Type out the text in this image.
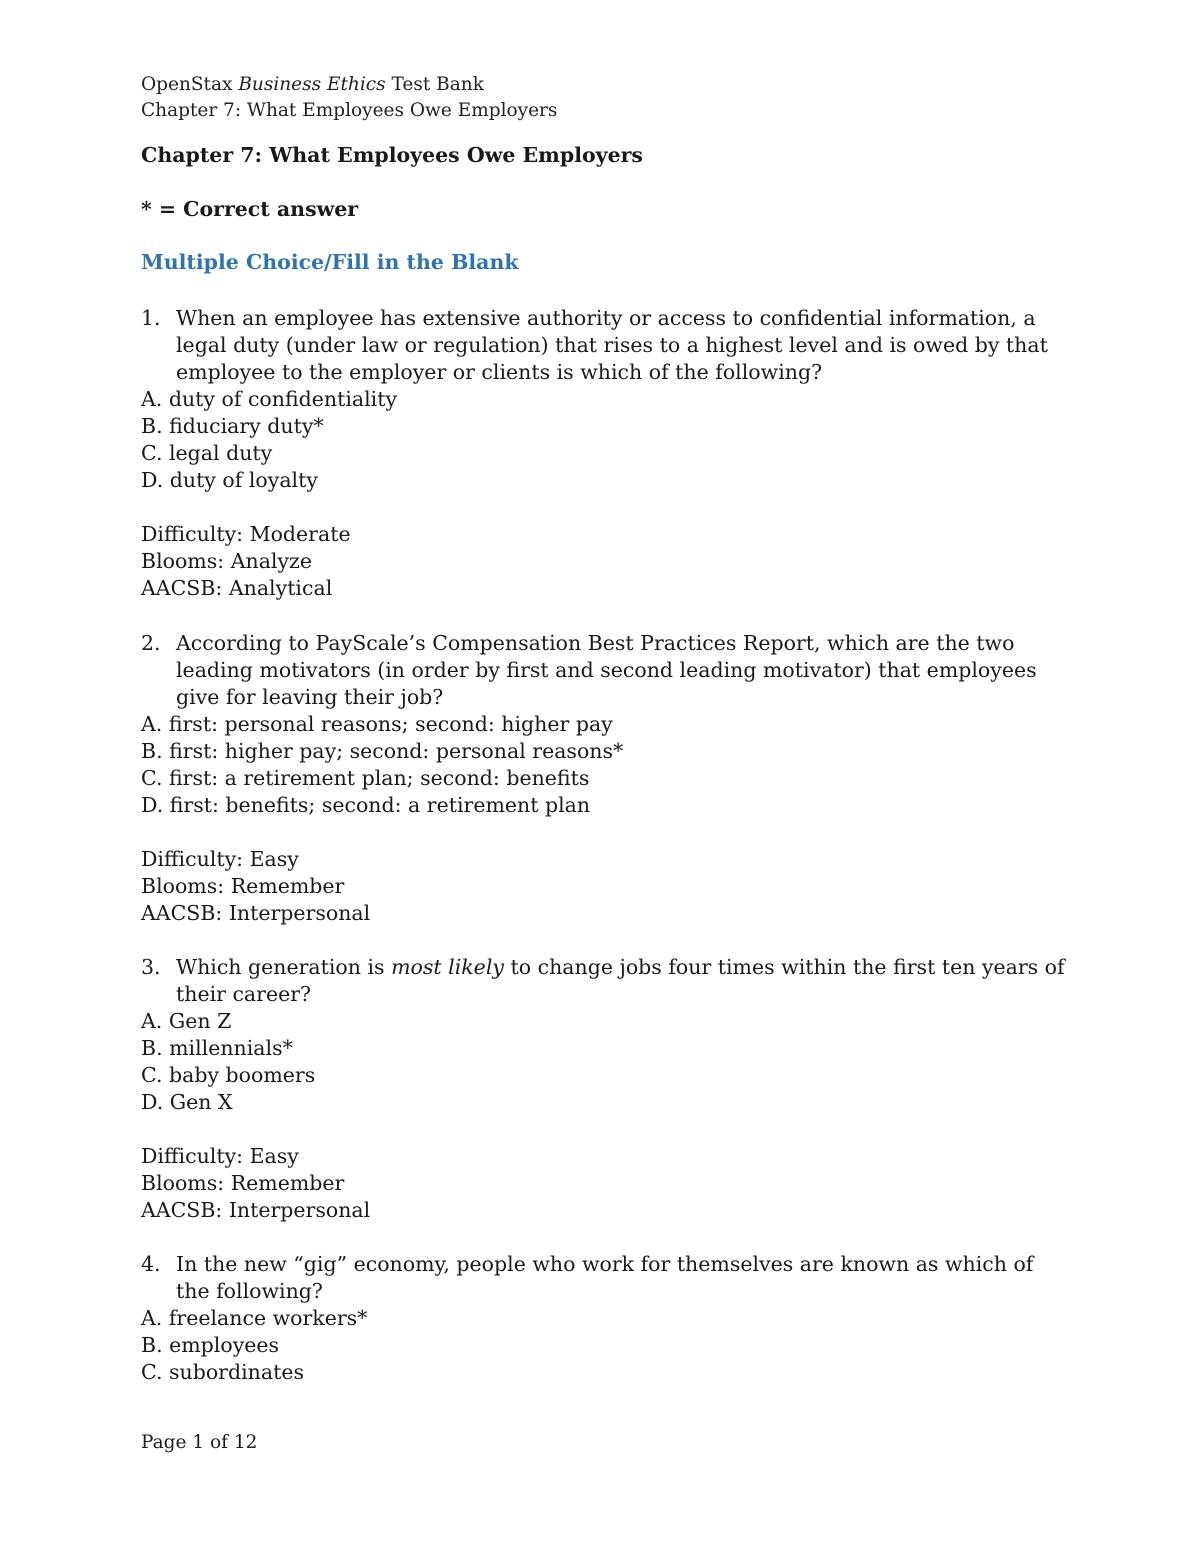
OpenStax Business Ethics Test Bank
Chapter 7: What Employees Owe Employers
Chapter 7: What Employees Owe Employers
* = Correct answer
Multiple Choice/Fill in the Blank
1. When an employee has extensive authority or access to confidential information, a legal duty (under law or regulation) that rises to a highest level and is owed by that employee to the employer or clients is which of the following?
A. duty of confidentiality
B. fiduciary duty*
C. legal duty
D. duty of loyalty
Difficulty: Moderate
Blooms: Analyze
AACSB: Analytical
2. According to PayScale’s Compensation Best Practices Report, which are the two leading motivators (in order by first and second leading motivator) that employees give for leaving their job?
A. first: personal reasons; second: higher pay
B. first: higher pay; second: personal reasons*
C. first: a retirement plan; second: benefits
D. first: benefits; second: a retirement plan
Difficulty: Easy
Blooms: Remember
AACSB: Interpersonal
3. Which generation is most likely to change jobs four times within the first ten years of their career?
A. Gen Z
B. millennials*
C. baby boomers
D. Gen X
Difficulty: Easy
Blooms: Remember
AACSB: Interpersonal
4. In the new “gig” economy, people who work for themselves are known as which of the following?
A. freelance workers*
B. employees
C. subordinates
Page 1 of 12
